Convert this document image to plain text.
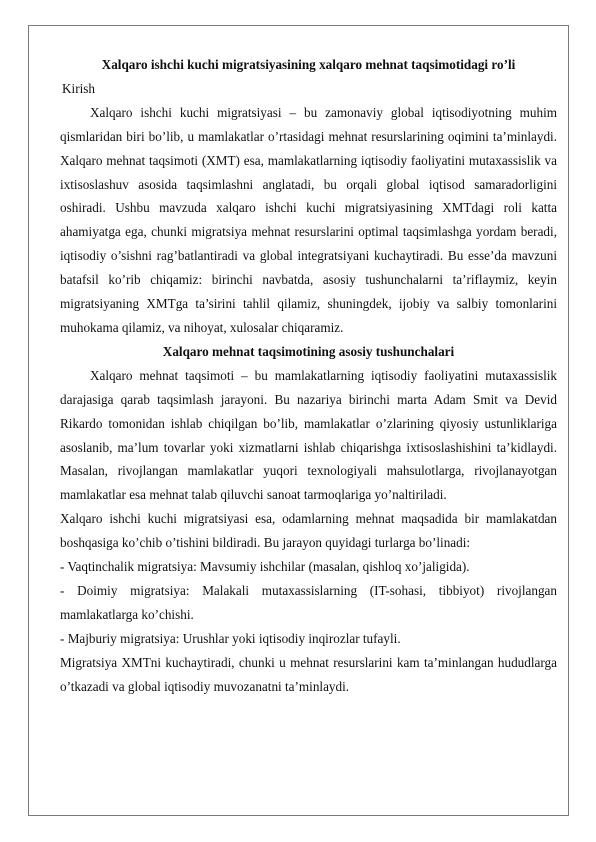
Xalqaro ishchi kuchi migratsiyasining xalqaro mehnat taqsimotidagi ro’li

Kirish

Xalqaro ishchi kuchi migratsiyasi – bu zamonaviy global iqtisodiyotning muhim qismlaridan biri bo’lib, u mamlakatlar o’rtasidagi mehnat resurslarining oqimini ta’minlaydi. Xalqaro mehnat taqsimoti (XMT) esa, mamlakatlarning iqtisodiy faoliyatini mutaxassislik va ixtisoslashuv asosida taqsimlashni anglatadi, bu orqali global iqtisod samaradorligini oshiradi. Ushbu mavzuda xalqaro ishchi kuchi migratsiyasining XMTdagi roli katta ahamiyatga ega, chunki migratsiya mehnat resurslarini optimal taqsimlashga yordam beradi, iqtisodiy o’sishni rag’batlantiradi va global integratsiyani kuchaytiradi. Bu esse’da mavzuni batafsil ko’rib chiqamiz: birinchi navbatda, asosiy tushunchalarni ta’riflaymiz, keyin migratsiyaning XMTga ta’sirini tahlil qilamiz, shuningdek, ijobiy va salbiy tomonlarini muhokama qilamiz, va nihoyat, xulosalar chiqaramiz.

Xalqaro mehnat taqsimotining asosiy tushunchalari

Xalqaro mehnat taqsimoti – bu mamlakatlarning iqtisodiy faoliyatini mutaxassislik darajasiga qarab taqsimlash jarayoni. Bu nazariya birinchi marta Adam Smit va Devid Rikardo tomonidan ishlab chiqilgan bo’lib, mamlakatlar o’zlarining qiyosiy ustunliklariga asoslanib, ma’lum tovarlar yoki xizmatlarni ishlab chiqarishga ixtisoslashishini ta’kidlaydi. Masalan, rivojlangan mamlakatlar yuqori texnologiyali mahsulotlarga, rivojlanayotgan mamlakatlar esa mehnat talab qiluvchi sanoat tarmoqlariga yo’naltiriladi.

Xalqaro ishchi kuchi migratsiyasi esa, odamlarning mehnat maqsadida bir mamlakatdan boshqasiga ko’chib o’tishini bildiradi. Bu jarayon quyidagi turlarga bo’linadi:

- Vaqtinchalik migratsiya: Mavsumiy ishchilar (masalan, qishloq xo’jaligida).

- Doimiy migratsiya: Malakali mutaxassislarning (IT-sohasi, tibbiyot) rivojlangan mamlakatlarga ko’chishi.

- Majburiy migratsiya: Urushlar yoki iqtisodiy inqirozlar tufayli.

Migratsiya XMTni kuchaytiradi, chunki u mehnat resurslarini kam ta’minlangan hududlarga o’tkazadi va global iqtisodiy muvozanatni ta’minlaydi.
